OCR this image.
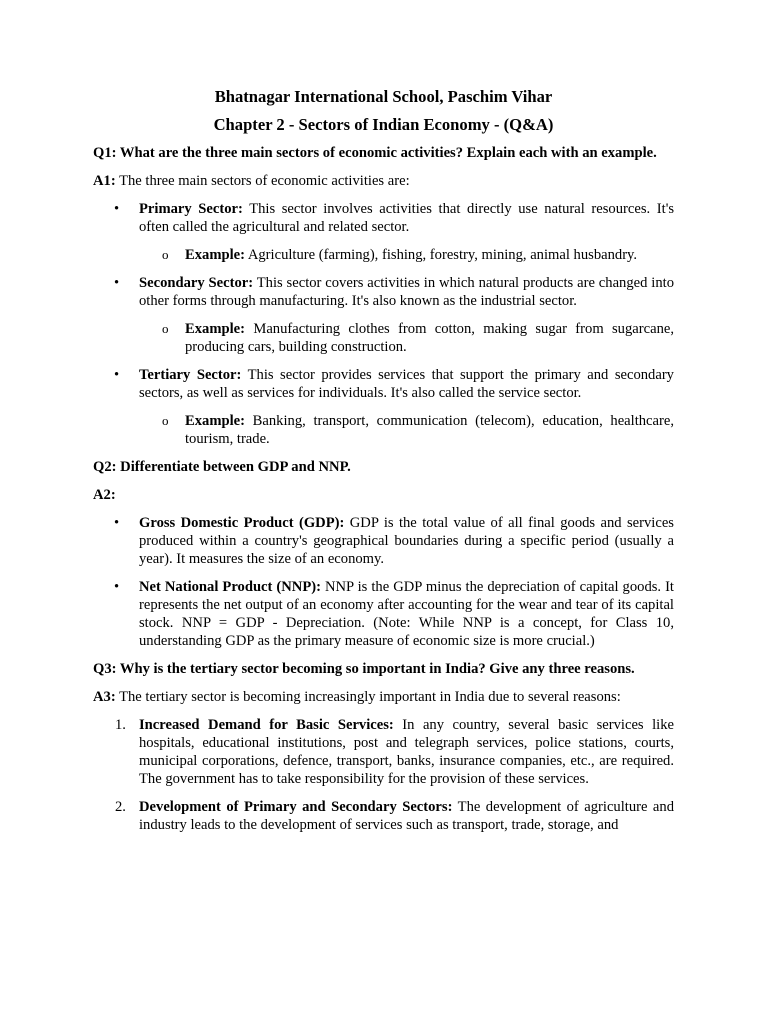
Bhatnagar International School, Paschim Vihar
Chapter 2 - Sectors of Indian Economy - (Q&A)

Q1: What are the three main sectors of economic activities? Explain each with an example.

A1: The three main sectors of economic activities are:

• Primary Sector: This sector involves activities that directly use natural resources. It's often called the agricultural and related sector.
o Example: Agriculture (farming), fishing, forestry, mining, animal husbandry.
• Secondary Sector: This sector covers activities in which natural products are changed into other forms through manufacturing. It's also known as the industrial sector.
o Example: Manufacturing clothes from cotton, making sugar from sugarcane, producing cars, building construction.
• Tertiary Sector: This sector provides services that support the primary and secondary sectors, as well as services for individuals. It's also called the service sector.
o Example: Banking, transport, communication (telecom), education, healthcare, tourism, trade.

Q2: Differentiate between GDP and NNP.

A2:

• Gross Domestic Product (GDP): GDP is the total value of all final goods and services produced within a country's geographical boundaries during a specific period (usually a year). It measures the size of an economy.
• Net National Product (NNP): NNP is the GDP minus the depreciation of capital goods. It represents the net output of an economy after accounting for the wear and tear of its capital stock. NNP = GDP - Depreciation. (Note: While NNP is a concept, for Class 10, understanding GDP as the primary measure of economic size is more crucial.)

Q3: Why is the tertiary sector becoming so important in India? Give any three reasons.

A3: The tertiary sector is becoming increasingly important in India due to several reasons:

1. Increased Demand for Basic Services: In any country, several basic services like hospitals, educational institutions, post and telegraph services, police stations, courts, municipal corporations, defence, transport, banks, insurance companies, etc., are required. The government has to take responsibility for the provision of these services.
2. Development of Primary and Secondary Sectors: The development of agriculture and industry leads to the development of services such as transport, trade, storage, and
